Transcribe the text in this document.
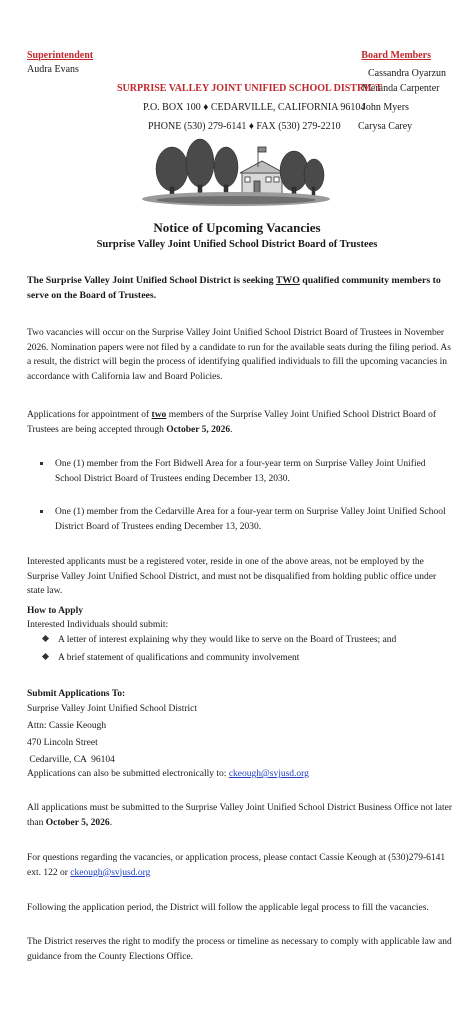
Superintendent
Audra Evans
Board Members
Cassandra Oyarzun
Meranda Carpenter
John Myers
Carysa Carey
SURPRISE VALLEY JOINT UNIFIED SCHOOL DISTRICT
P.O. BOX 100 ♦ CEDARVILLE, CALIFORNIA 96104
PHONE (530) 279-6141 ♦ FAX (530) 279-2210
Notice of Upcoming Vacancies
Surprise Valley Joint Unified School District Board of Trustees
The Surprise Valley Joint Unified School District is seeking TWO qualified community members to serve on the Board of Trustees.
Two vacancies will occur on the Surprise Valley Joint Unified School District Board of Trustees in November 2026. Nomination papers were not filed by a candidate to run for the available seats during the filing period. As a result, the district will begin the process of identifying qualified individuals to fill the upcoming vacancies in accordance with California law and Board Policies.
Applications for appointment of two members of the Surprise Valley Joint Unified School District Board of Trustees are being accepted through October 5, 2026.
One (1) member from the Fort Bidwell Area for a four-year term on Surprise Valley Joint Unified School District Board of Trustees ending December 13, 2030.
One (1) member from the Cedarville Area for a four-year term on Surprise Valley Joint Unified School District Board of Trustees ending December 13, 2030.
Interested applicants must be a registered voter, reside in one of the above areas, not be employed by the Surprise Valley Joint Unified School District, and must not be disqualified from holding public office under state law.
How to Apply
Interested Individuals should submit:
A letter of interest explaining why they would like to serve on the Board of Trustees; and
A brief statement of qualifications and community involvement
Submit Applications To:
Surprise Valley Joint Unified School District
Attn: Cassie Keough
470 Lincoln Street
Cedarville, CA  96104
Applications can also be submitted electronically to: ckeough@svjusd.org
All applications must be submitted to the Surprise Valley Joint Unified School District Business Office not later than October 5, 2026.
For questions regarding the vacancies, or application process, please contact Cassie Keough at (530)279-6141 ext. 122 or ckeough@svjusd.org
Following the application period, the District will follow the applicable legal process to fill the vacancies.
The District reserves the right to modify the process or timeline as necessary to comply with applicable law and guidance from the County Elections Office.
